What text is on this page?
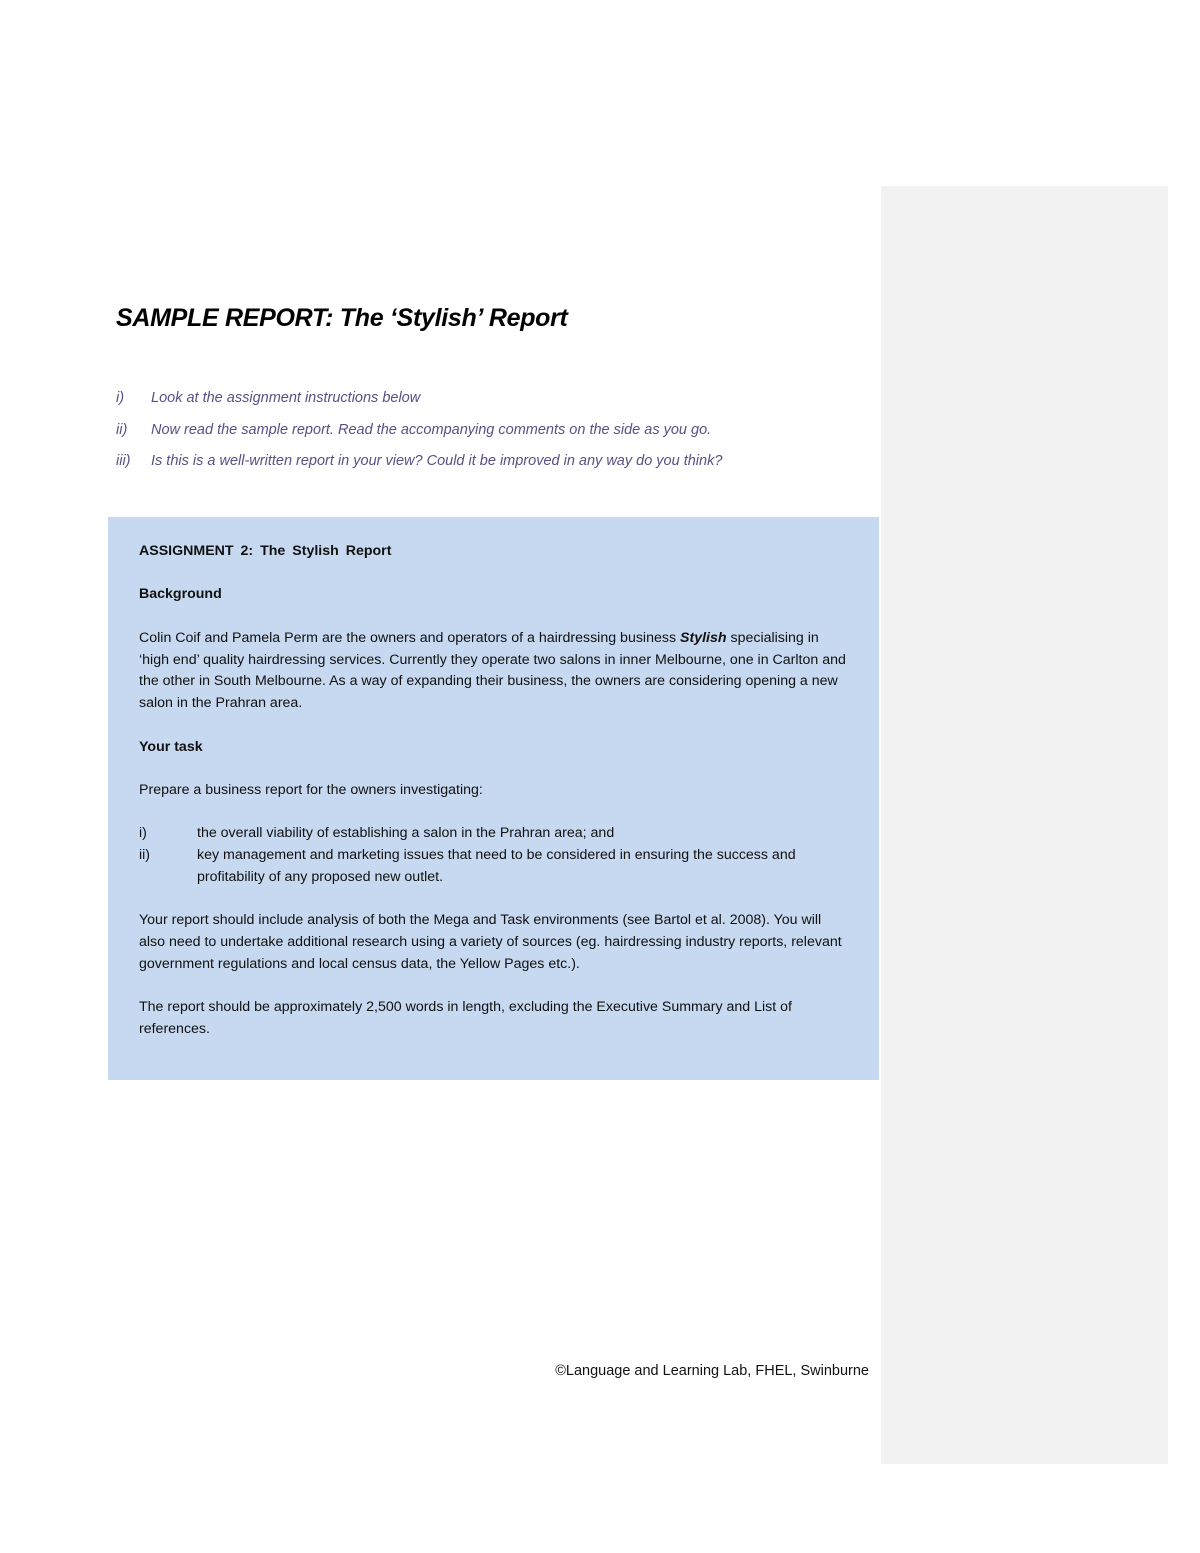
SAMPLE REPORT: The ‘Stylish’ Report
i)	Look at the assignment instructions below
ii)	Now read the sample report. Read the accompanying comments on the side as you go.
iii)	Is this is a well-written report in your view? Could it be improved in any way do you think?

ASSIGNMENT 2: The Stylish Report

Background

Colin Coif and Pamela Perm are the owners and operators of a hairdressing business Stylish specialising in ‘high end’ quality hairdressing services. Currently they operate two salons in inner Melbourne, one in Carlton and the other in South Melbourne. As a way of expanding their business, the owners are considering opening a new salon in the Prahran area.

Your task

Prepare a business report for the owners investigating:

i)	the overall viability of establishing a salon in the Prahran area; and
ii)	key management and marketing issues that need to be considered in ensuring the success and profitability of any proposed new outlet.

Your report should include analysis of both the Mega and Task environments (see Bartol et al. 2008). You will also need to undertake additional research using a variety of sources (eg. hairdressing industry reports, relevant government regulations and local census data, the Yellow Pages etc.).

The report should be approximately 2,500 words in length, excluding the Executive Summary and List of references.

©Language and Learning Lab, FHEL, Swinburne
